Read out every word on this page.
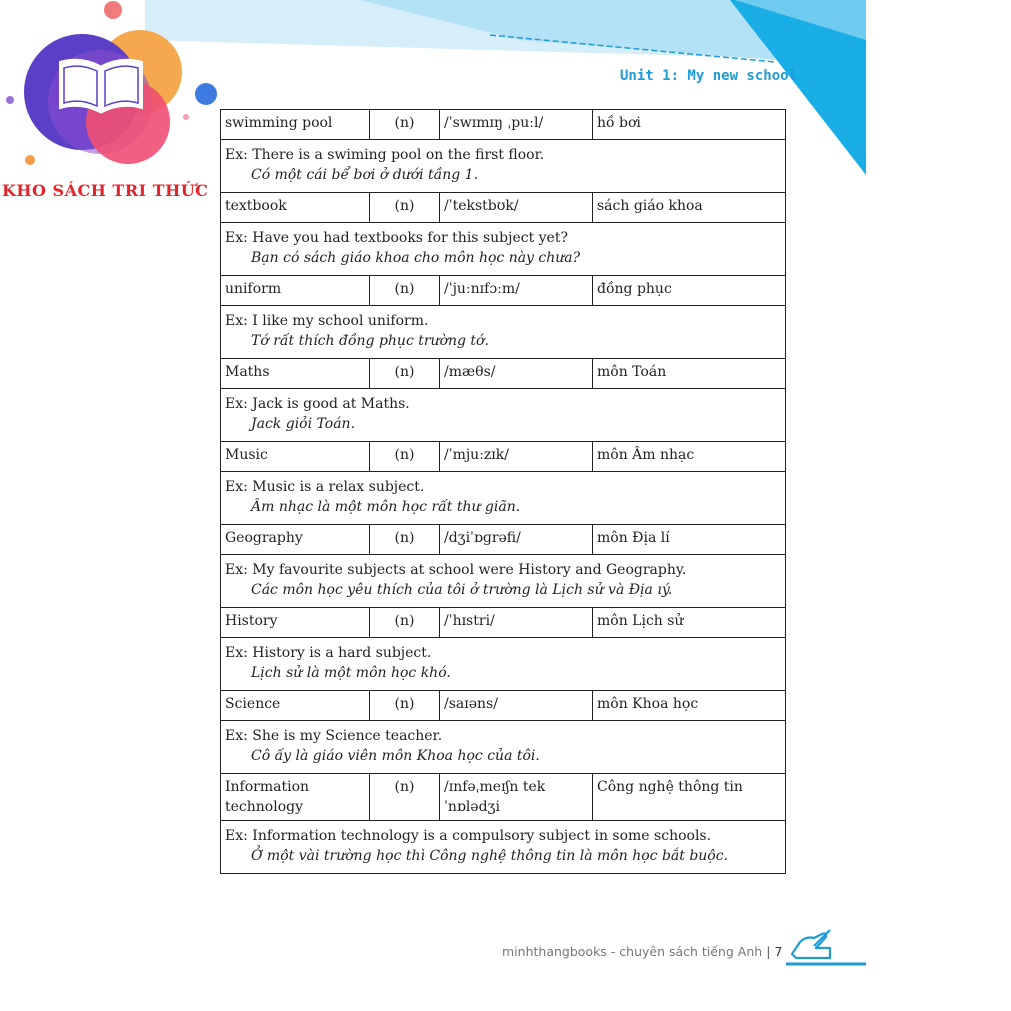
KHO SÁCH TRI THỨC
Unit 1: My new school
swimming pool	(n)	/ˈswɪmɪŋ ˌpuːl/	hồ bơi
Ex: There is a swiming pool on the first floor.
Có một cái bể bơi ở dưới tầng 1.			

textbook	(n)	/ˈtekstbʊk/	sách giáo khoa
Ex: Have you had textbooks for this subject yet?
Bạn có sách giáo khoa cho môn học này chưa?			

uniform	(n)	/ˈjuːnɪfɔːm/	đồng phục
Ex: I like my school uniform.
Tớ rất thích đồng phục trường tớ.			

Maths	(n)	/mæθs/	môn Toán
Ex: Jack is good at Maths.
Jack giỏi Toán.			

Music	(n)	/ˈmjuːzɪk/	môn Âm nhạc
Ex: Music is a relax subject.
Âm nhạc là một môn học rất thư giãn.			

Geography	(n)	/dʒiˈɒɡrəfi/	môn Địa lí
Ex: My favourite subjects at school were History and Geography.
Các môn học yêu thích của tôi ở trường là Lịch sử và Địa ıý.			

History	(n)	/ˈhɪstri/	môn Lịch sử
Ex: History is a hard subject.
Lịch sử là một môn học khó.			

Science	(n)	/saɪəns/	môn Khoa học
Ex: She is my Science teacher.
Cô ấy là giáo viên môn Khoa học của tôi.			

Information technology	(n)	/ɪnfəˌmeɪʃn tekˈnɒlədʒi	Công nghệ thông tin
Ex: Information technology is a compulsory subject in some schools.
Ở một vài trường học thì Công nghệ thông tin là môn học bắt buộc.			
minhthangbooks - chuyên sách tiếng Anh | 7
